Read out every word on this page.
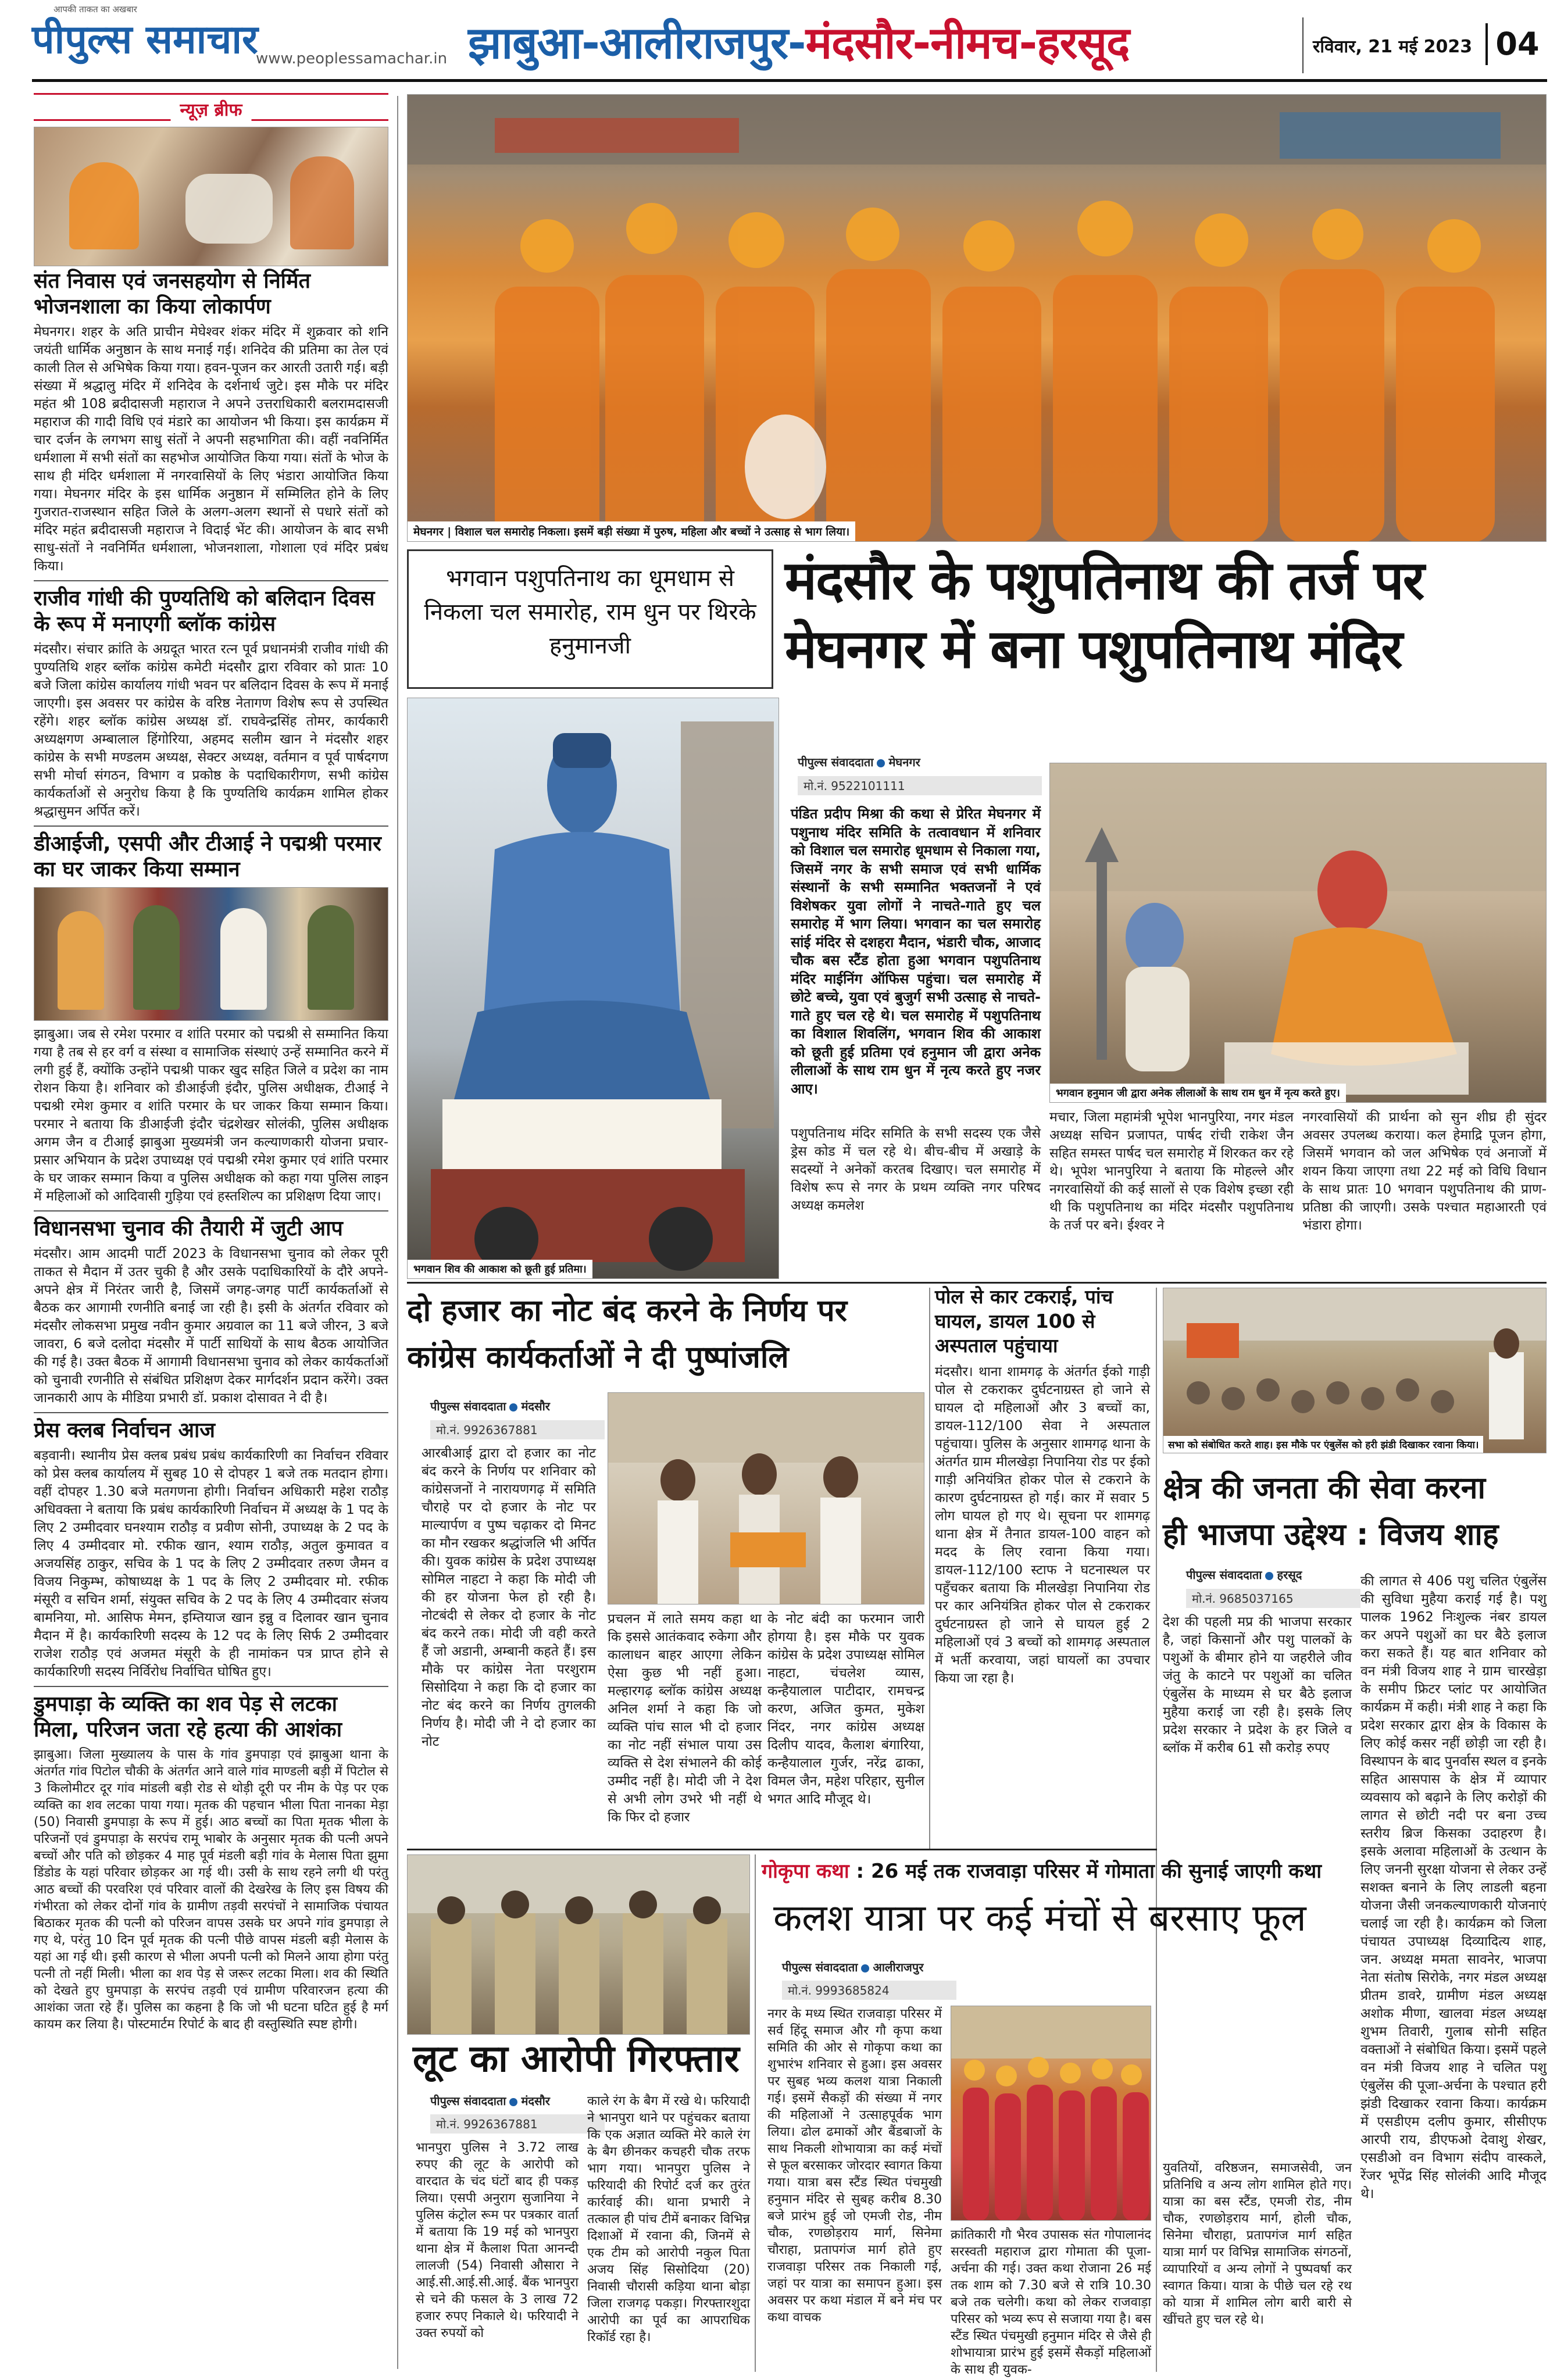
आपकी ताकत का अखबार
पीपुल्स समाचार
www.peoplessamachar.in झाबुआ-आलीराजपुर-मंदसौर-नीमच-हरसूद	रविवार, 21 मई 2023 04
न्यूज़ ब्रीफ
संत निवास एवं जनसहयोग से निर्मित भोजनशाला का किया लोकार्पण
मेघनगर। शहर के अति प्राचीन मेघेश्वर शंकर मंदिर में शुक्रवार को शनि जयंती धार्मिक अनुष्ठान के साथ मनाई गई। शनिदेव की प्रतिमा का तेल एवं काली तिल से अभिषेक किया गया। हवन-पूजन कर आरती उतारी गई। बड़ी संख्या में श्रद्धालु मंदिर में शनिदेव के दर्शनार्थ जुटे। इस मौके पर मंदिर महंत श्री 108 ब्रदीदासजी महाराज ने अपने उत्तराधिकारी बलरामदासजी महाराज की गादी विधि एवं मंडारे का आयोजन भी किया। इस कार्यक्रम में चार दर्जन के लगभग साधु संतों ने अपनी सहभागिता की। वहीं नवनिर्मित धर्मशाला में सभी संतों का सहभोज आयोजित किया गया। संतों के भोज के साथ ही मंदिर धर्मशाला में नगरवासियों के लिए भंडारा आयोजित किया गया। मेघनगर मंदिर के इस धार्मिक अनुष्ठान में सम्मिलित होने के लिए गुजरात-राजस्थान सहित जिले के अलग-अलग स्थानों से पधारे संतों को मंदिर महंत ब्रदीदासजी महाराज ने विदाई भेंट की। आयोजन के बाद सभी साधु-संतों ने नवनिर्मित धर्मशाला, भोजनशाला, गोशाला एवं मंदिर प्रबंध किया।
राजीव गांधी की पुण्यतिथि को बलिदान दिवस के रूप में मनाएगी ब्लॉक कांग्रेस
मंदसौर। संचार क्रांति के अग्रदूत भारत रत्न पूर्व प्रधानमंत्री राजीव गांधी की पुण्यतिथि शहर ब्लॉक कांग्रेस कमेटी मंदसौर द्वारा रविवार को प्रातः 10 बजे जिला कांग्रेस कार्यालय गांधी भवन पर बलिदान दिवस के रूप में मनाई जाएगी। इस अवसर पर कांग्रेस के वरिष्ठ नेतागण विशेष रूप से उपस्थित रहेंगे। शहर ब्लॉक कांग्रेस अध्यक्ष डॉ. राघवेन्द्रसिंह तोमर, कार्यकारी अध्यक्षगण अम्बालाल हिंगोरिया, अहमद सलीम खान ने मंदसौर शहर कांग्रेस के सभी मण्डलम अध्यक्ष, सेक्टर अध्यक्ष, वर्तमान व पूर्व पार्षदगण सभी मोर्चा संगठन, विभाग व प्रकोष्ठ के पदाधिकारीगण, सभी कांग्रेस कार्यकर्ताओं से अनुरोध किया है कि पुण्यतिथि कार्यक्रम शामिल होकर श्रद्धासुमन अर्पित करें।
डीआईजी, एसपी और टीआई ने पद्मश्री परमार का घर जाकर किया सम्मान
झाबुआ। जब से रमेश परमार व शांति परमार को पद्मश्री से सम्मानित किया गया है तब से हर वर्ग व संस्था व सामाजिक संस्थाएं उन्हें सम्मानित करने में लगी हुई हैं, क्योंकि उन्होंने पद्मश्री पाकर खुद सहित जिले व प्रदेश का नाम रोशन किया है। शनिवार को डीआईजी इंदौर, पुलिस अधीक्षक, टीआई ने पद्मश्री रमेश कुमार व शांति परमार के घर जाकर किया सम्मान किया। परमार ने बताया कि डीआईजी इंदौर चंद्रशेखर सोलंकी, पुलिस अधीक्षक अगम जैन व टीआई झाबुआ मुख्यमंत्री जन कल्याणकारी योजना प्रचार-प्रसार अभियान के प्रदेश उपाध्यक्ष एवं पद्मश्री रमेश कुमार एवं शांति परमार के घर जाकर सम्मान किया व पुलिस अधीक्षक को कहा गया पुलिस लाइन में महिलाओं को आदिवासी गुड़िया एवं हस्तशिल्प का प्रशिक्षण दिया जाए।
विधानसभा चुनाव की तैयारी में जुटी आप
मंदसौर। आम आदमी पार्टी 2023 के विधानसभा चुनाव को लेकर पूरी ताकत से मैदान में उतर चुकी है और उसके पदाधिकारियों के दौरे अपने-अपने क्षेत्र में निरंतर जारी है, जिसमें जगह-जगह पार्टी कार्यकर्ताओं से बैठक कर आगामी रणनीति बनाई जा रही है। इसी के अंतर्गत रविवार को मंदसौर लोकसभा प्रमुख नवीन कुमार अग्रवाल का 11 बजे जीरन, 3 बजे जावरा, 6 बजे दलोदा मंदसौर में पार्टी साथियों के साथ बैठक आयोजित की गई है। उक्त बैठक में आगामी विधानसभा चुनाव को लेकर कार्यकर्ताओं को चुनावी रणनीति से संबंधित प्रशिक्षण देकर मार्गदर्शन प्रदान करेंगे। उक्त जानकारी आप के मीडिया प्रभारी डॉ. प्रकाश दोसावत ने दी है।
प्रेस क्लब निर्वाचन आज
बड़वानी। स्थानीय प्रेस क्लब प्रबंध प्रबंध कार्यकारिणी का निर्वाचन रविवार को प्रेस क्लब कार्यालय में सुबह 10 से दोपहर 1 बजे तक मतदान होगा। वहीं दोपहर 1.30 बजे मतगणना होगी। निर्वाचन अधिकारी महेश राठौड़ अधिवक्ता ने बताया कि प्रबंध कार्यकारिणी निर्वाचन में अध्यक्ष के 1 पद के लिए 2 उम्मीदवार घनश्याम राठौड़ व प्रवीण सोनी, उपाध्यक्ष के 2 पद के लिए 4 उम्मीदवार मो. रफीक खान, श्याम राठौड़, अतुल कुमावत व अजयसिंह ठाकुर, सचिव के 1 पद के लिए 2 उम्मीदवार तरुण जैमन व विजय निकुम्भ, कोषाध्यक्ष के 1 पद के लिए 2 उम्मीदवार मो. रफीक मंसूरी व सचिन शर्मा, संयुक्त सचिव के 2 पद के लिए 4 उम्मीदवार संजय बामनिया, मो. आसिफ मेमन, इम्तियाज खान इन्नु व दिलावर खान चुनाव मैदान में है। कार्यकारिणी सदस्य के 12 पद के लिए सिर्फ 2 उम्मीदवार राजेश राठौड़ एवं अजमत मंसूरी के ही नामांकन पत्र प्राप्त होने से कार्यकारिणी सदस्य निर्विरोध निर्वाचित घोषित हुए।
डुमपाड़ा के व्यक्ति का शव पेड़ से लटका मिला, परिजन जता रहे हत्या की आशंका
झाबुआ। जिला मुख्यालय के पास के गांव डुमपाड़ा एवं झाबुआ थाना के अंतर्गत गांव पिटोल चौकी के अंतर्गत आने वाले गांव माण्डली बड़ी में पिटोल से 3 किलोमीटर दूर गांव मांडली बड़ी रोड से थोड़ी दूरी पर नीम के पेड़ पर एक व्यक्ति का शव लटका पाया गया। मृतक की पहचान भीला पिता नानका मेड़ा (50) निवासी डुमपाड़ा के रूप में हुई। आठ बच्चों का पिता मृतक भीला के परिजनों एवं डुमपाड़ा के सरपंच रामू भाबोर के अनुसार मृतक की पत्नी अपने बच्चों और पति को छोड़कर 4 माह पूर्व मंडली बड़ी गांव के मेलास पिता झुमा डिंडोड के यहां परिवार छोड़कर आ गई थी। उसी के साथ रहने लगी थी परंतु आठ बच्चों की परवरिश एवं परिवार वालों की देखरेख के लिए इस विषय की गंभीरता को लेकर दोनों गांव के ग्रामीण तड़वी सरपंचों ने सामाजिक पंचायत बिठाकर मृतक की पत्नी को परिजन वापस उसके घर अपने गांव डुमपाड़ा ले गए थे, परंतु 10 दिन पूर्व मृतक की पत्नी पीछे वापस मंडली बड़ी मेलास के यहां आ गई थी। इसी कारण से भीला अपनी पत्नी को मिलने आया होगा परंतु पत्नी तो नहीं मिली। भीला का शव पेड़ से जरूर लटका मिला। शव की स्थिति को देखते हुए घुमपाड़ा के सरपंच तड़वी एवं ग्रामीण परिवारजन हत्या की आशंका जता रहे हैं। पुलिस का कहना है कि जो भी घटना घटित हुई है मर्ग कायम कर लिया है। पोस्टमार्टम रिपोर्ट के बाद ही वस्तुस्थिति स्पष्ट होगी।
मेघनगर | विशाल चल समारोह निकला। इसमें बड़ी संख्या में पुरुष, महिला और बच्चों ने उत्साह से भाग लिया।
भगवान पशुपतिनाथ का धूमधाम से निकला चल समारोह, राम धुन पर थिरके हनुमानजी
मंदसौर के पशुपतिनाथ की तर्ज पर
मेघनगर में बना पशुपतिनाथ मंदिर
भगवान शिव की आकाश को छूती हुई प्रतिमा।
पीपुल्स संवाददाता मेघनगर
मो.नं. 9522101111
पंडित प्रदीप मिश्रा की कथा से प्रेरित मेघनगर में पशुनाथ मंदिर समिति के तत्वावधान में शनिवार को विशाल चल समारोह धूमधाम से निकाला गया, जिसमें नगर के सभी समाज एवं सभी धार्मिक संस्थानों के सभी सम्मानित भक्तजनों ने एवं विशेषकर युवा लोगों ने नाचते-गाते हुए चल समारोह में भाग लिया। भगवान का चल समारोह सांई मंदिर से दशहरा मैदान, भंडारी चौक, आजाद चौक बस स्टैंड होता हुआ भगवान पशुपतिनाथ मंदिर माईनिंग ऑफिस पहुंचा। चल समारोह में छोटे बच्चे, युवा एवं बुजुर्ग सभी उत्साह से नाचते-गाते हुए चल रहे थे। चल समारोह में पशुपतिनाथ का विशाल शिवलिंग, भगवान शिव की आकाश को छूती हुई प्रतिमा एवं हनुमान जी द्वारा अनेक लीलाओं के साथ राम धुन में नृत्य करते हुए नजर आए।	भगवान हनुमान जी द्वारा अनेक लीलाओं के साथ राम धुन में नृत्य करते हुए।
पशुपतिनाथ मंदिर समिति के सभी सदस्य एक जैसे ड्रेस कोड में चल रहे थे। बीच-बीच में अखाड़े के सदस्यों ने अनेकों करतब दिखाए। चल समारोह में विशेष रूप से नगर के प्रथम व्यक्ति नगर परिषद अध्यक्ष कमलेश
मचार, जिला महामंत्री भूपेश भानपुरिया, नगर मंडल अध्यक्ष सचिन प्रजापत, पार्षद रांची राकेश जैन सहित समस्त पार्षद चल समारोह में शिरकत कर रहे थे। भूपेश भानपुरिया ने बताया कि मोहल्ले और नगरवासियों की कई सालों से एक विशेष इच्छा रही थी कि पशुपतिनाथ का मंदिर मंदसौर पशुपतिनाथ के तर्ज पर बने। ईश्वर ने
नगरवासियों की प्रार्थना को सुन शीघ्र ही सुंदर अवसर उपलब्ध कराया। कल हेमाद्रि पूजन होगा, जिसमें भगवान को जल अभिषेक एवं अनाजों में शयन किया जाएगा तथा 22 मई को विधि विधान के साथ प्रातः 10 भगवान पशुपतिनाथ की प्राण-प्रतिष्ठा की जाएगी। उसके पश्चात महाआरती एवं भंडारा होगा।
दो हजार का नोट बंद करने के निर्णय पर
कांग्रेस कार्यकर्ताओं ने दी पुष्पांजलि
पीपुल्स संवाददाता मंदसौर
मो.नं. 9926367881
आरबीआई द्वारा दो हजार का नोट बंद करने के निर्णय पर शनिवार को कांग्रेसजनों ने नारायणगढ़ में समिति चौराहे पर दो हजार के नोट पर माल्यार्पण व पुष्प चढ़ाकर दो मिनट का मौन रखकर श्रद्धांजलि भी अर्पित की। युवक कांग्रेस के प्रदेश उपाध्यक्ष सोमिल नाहटा ने कहा कि मोदी जी की हर योजना फेल हो रही है। नोटबंदी से लेकर दो हजार के नोट बंद करने तक। मोदी जी वही करते हैं जो अडानी, अम्बानी कहते हैं। इस मौके पर कांग्रेस नेता परशुराम सिसोदिया ने कहा कि दो हजार का नोट बंद करने का निर्णय तुगलकी निर्णय है। मोदी जी ने दो हजार का नोट
प्रचलन में लाते समय कहा था कि इससे आतंकवाद रुकेगा और कालाधन बाहर आएगा लेकिन ऐसा कुछ भी नहीं हुआ। मल्हारगढ़ ब्लॉक कांग्रेस अध्यक्ष अनिल शर्मा ने कहा कि जो व्यक्ति पांच साल भी दो हजार का नोट नहीं संभाल पाया उस व्यक्ति से देश संभालने की कोई उम्मीद नहीं है। मोदी जी ने देश से अभी लोग उभरे भी नहीं थे कि फिर दो हजार
के नोट बंदी का फरमान जारी होगया है। इस मौके पर युवक कांग्रेस के प्रदेश उपाध्यक्ष सोमिल नाहटा, चंचलेश व्यास, कन्हैयालाल पाटीदार, रामचन्द्र करण, अजित कुमत, मुकेश निंदर, नगर कांग्रेस अध्यक्ष दिलीप यादव, कैलाश बंगारिया, कन्हैयालाल गुर्जर, नरेंद्र ढाका, विमल जैन, महेश परिहार, सुनील भगत आदि मौजूद थे।
पोल से कार टकराई, पांच घायल, डायल 100 से अस्पताल पहुंचाया
मंदसौर। थाना शामगढ़ के अंतर्गत ईको गाड़ी पोल से टकराकर दुर्घटनाग्रस्त हो जाने से घायल दो महिलाओं और 3 बच्चों का, डायल-112/100 सेवा ने अस्पताल पहुंचाया। पुलिस के अनुसार शामगढ़ थाना के अंतर्गत ग्राम मीलखेड़ा निपानिया रोड पर ईको गाड़ी अनियंत्रित होकर पोल से टकराने के कारण दुर्घटनाग्रस्त हो गई। कार में सवार 5 लोग घायल हो गए थे। सूचना पर शामगढ़ थाना क्षेत्र में तैनात डायल-100 वाहन को मदद के लिए रवाना किया गया। डायल-112/100 स्टाफ ने घटनास्थल पर पहुँचकर बताया कि मीलखेड़ा निपानिया रोड पर कार अनियंत्रित होकर पोल से टकराकर दुर्घटनाग्रस्त हो जाने से घायल हुई 2 महिलाओं एवं 3 बच्चों को शामगढ़ अस्पताल में भर्ती करवाया, जहां घायलों का उपचार किया जा रहा है।
सभा को संबोधित करते शाह। इस मौके पर एंबुलेंस को हरी झंडी दिखाकर रवाना किया।
क्षेत्र की जनता की सेवा करना
ही भाजपा उद्देश्य : विजय शाह
पीपुल्स संवाददाता हरसूद
मो.नं. 9685037165
देश की पहली मप्र की भाजपा सरकार है, जहां किसानों और पशु पालकों के पशुओं के बीमार होने या जहरीले जीव जंतु के काटने पर पशुओं का चलित एंबुलेंस के माध्यम से घर बैठे इलाज मुहैया कराई जा रही है। इसके लिए प्रदेश सरकार ने प्रदेश के हर जिले व ब्लॉक में करीब 61 सौ करोड़ रुपए
की लागत से 406 पशु चलित एंबुलेंस की सुविधा मुहैया कराई गई है। पशु पालक 1962 निःशुल्क नंबर डायल कर अपने पशुओं का घर बैठे इलाज करा सकते हैं। यह बात शनिवार को वन मंत्री विजय शाह ने ग्राम चारखेड़ा के समीप फ्रिटर प्लांट पर आयोजित कार्यक्रम में कही। मंत्री शाह ने कहा कि प्रदेश सरकार द्वारा क्षेत्र के विकास के लिए कोई कसर नहीं छोड़ी जा रही है। विस्थापन के बाद पुनर्वास स्थल व इनके सहित आसपास के क्षेत्र में व्यापार व्यवसाय को बढ़ाने के लिए करोड़ों की लागत से छोटी नदी पर बना उच्च स्तरीय ब्रिज किसका उदाहरण है। इसके अलावा महिलाओं के उत्थान के लिए जननी सुरक्षा योजना से लेकर उन्हें सशक्त बनाने के लिए लाडली बहना योजना जैसी जनकल्याणकारी योजनाएं चलाई जा रही है। कार्यक्रम को जिला पंचायत उपाध्यक्ष दिव्यादित्य शाह, जन. अध्यक्ष ममता सावनेर, भाजपा नेता संतोष सिरोके, नगर मंडल अध्यक्ष प्रीतम डावरे, ग्रामीण मंडल अध्यक्ष अशोक मीणा, खालवा मंडल अध्यक्ष शुभम तिवारी, गुलाब सोनी सहित वक्ताओं ने संबोधित किया। इसमें पहले वन मंत्री विजय शाह ने चलित पशु एंबुलेंस की पूजा-अर्चना के पश्चात हरी झंडी दिखाकर रवाना किया। कार्यक्रम में एसडीएम दलीप कुमार, सीसीएफ आरपी राय, डीएफओ देवाशु शेखर, एसडीओ वन विभाग संदीप वास्कले, रेंजर भूपेंद्र सिंह सोलंकी आदि मौजूद थे।
लूट का आरोपी गिरफ्तार
पीपुल्स संवाददाता मंदसौर
मो.नं. 9926367881
भानपुरा पुलिस ने 3.72 लाख रुपए की लूट के आरोपी को वारदात के चंद घंटों बाद ही पकड़ लिया। एसपी अनुराग सुजानिया ने पुलिस कंट्रोल रूम पर पत्रकार वार्ता में बताया कि 19 मई को भानपुरा थाना क्षेत्र में कैलाश पिता आनन्दी लालजी (54) निवासी औसारा ने आई.सी.आई.सी.आई. बैंक भानपुरा से चने की फसल के 3 लाख 72 हजार रुपए निकाले थे। फरियादी ने उक्त रुपयों को
काले रंग के बैग में रखे थे। फरियादी ने भानपुरा थाने पर पहुंचकर बताया कि एक अज्ञात व्यक्ति मेरे काले रंग के बैग छीनकर कचहरी चौक तरफ भाग गया। भानपुरा पुलिस ने फरियादी की रिपोर्ट दर्ज कर तुरंत कार्रवाई की। थाना प्रभारी ने तत्काल ही पांच टीमें बनाकर विभिन्न दिशाओं में रवाना की, जिनमें से एक टीम को आरोपी नकुल पिता अजय सिंह सिसोदिया (20) निवासी चौरासी कड़िया थाना बोड़ा जिला राजगढ़ पकड़ा। गिरफ्तारशुदा आरोपी का पूर्व का आपराधिक रिकॉर्ड रहा है।
गोकृपा कथा : 26 मई तक राजवाड़ा परिसर में गोमाता की सुनाई जाएगी कथा
कलश यात्रा पर कई मंचों से बरसाए फूल
पीपुल्स संवाददाता आलीराजपुर
मो.नं. 9993685824
नगर के मध्य स्थित राजवाड़ा परिसर में सर्व हिंदू समाज और गौ कृपा कथा समिति की ओर से गोकृपा कथा का शुभारंभ शनिवार से हुआ। इस अवसर पर सुबह भव्य कलश यात्रा निकाली गई। इसमें सैकड़ों की संख्या में नगर की महिलाओं ने उत्साहपूर्वक भाग लिया। ढोल ढमाकों और बैंडबाजों के साथ निकली शोभायात्रा का कई मंचों से फूल बरसाकर जोरदार स्वागत किया गया। यात्रा बस स्टैंड स्थित पंचमुखी हनुमान मंदिर से सुबह करीब 8.30 बजे प्रारंभ हुई जो एमजी रोड, नीम चौक, रणछोड़राय मार्ग, सिनेमा चौराहा, प्रतापगंज मार्ग होते हुए राजवाड़ा परिसर तक निकाली गई, जहां पर यात्रा का समापन हुआ। इस अवसर पर कथा मंडाल में बने मंच पर कथा वाचक
क्रांतिकारी गौ भैरव उपासक संत गोपालानंद सरस्वती महाराज द्वारा गोमाता की पूजा-अर्चना की गई। उक्त कथा रोजाना 26 मई तक शाम को 7.30 बजे से रात्रि 10.30 बजे तक चलेगी। कथा को लेकर राजवाड़ा परिसर को भव्य रूप से सजाया गया है। बस स्टैंड स्थित पंचमुखी हनुमान मंदिर से जैसे ही शोभायात्रा प्रारंभ हुई इसमें सैकड़ों महिलाओं के साथ ही युवक-
युवतियों, वरिष्ठजन, समाजसेवी, जन प्रतिनिधि व अन्य लोग शामिल होते गए। यात्रा का बस स्टैंड, एमजी रोड, नीम चौक, रणछोड़राय मार्ग, होली चौक, सिनेमा चौराहा, प्रतापगंज मार्ग सहित यात्रा मार्ग पर विभिन्न सामाजिक संगठनों, व्यापारियों व अन्य लोगों ने पुष्पवर्षा कर स्वागत किया। यात्रा के पीछे चल रहे रथ को यात्रा में शामिल लोग बारी बारी से खींचते हुए चल रहे थे।
